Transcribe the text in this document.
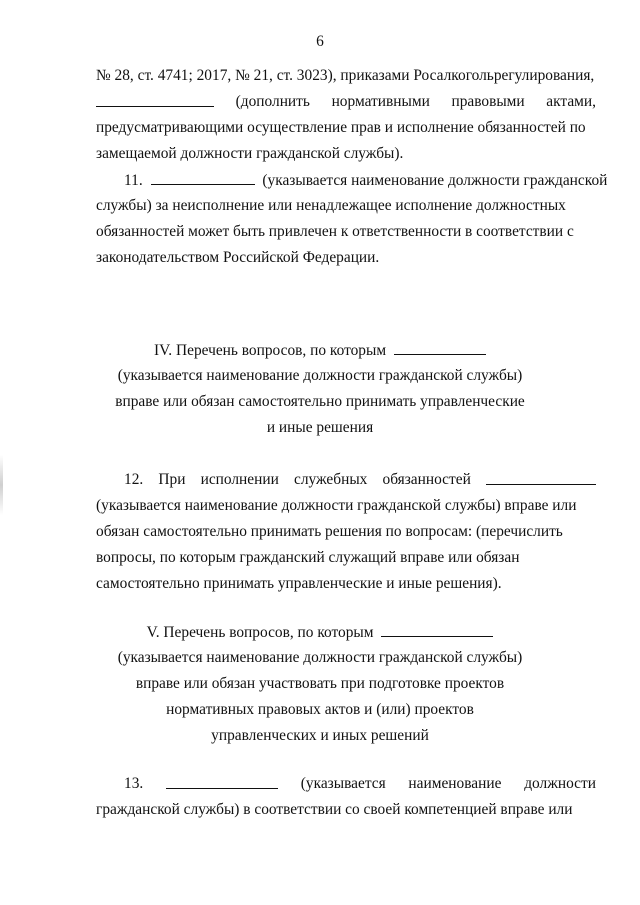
6
№ 28, ст. 4741; 2017, № 21, ст. 3023), приказами Росалкогольрегулирования,
(дополнить нормативными правовыми актами,
предусматривающими осуществление прав и исполнение обязанностей по
замещаемой должности гражданской службы).
11.	(указывается наименование должности гражданской
службы) за неисполнение или ненадлежащее исполнение должностных
обязанностей может быть привлечен к ответственности в соответствии с
законодательством Российской Федерации.
IV. Перечень вопросов, по которым
(указывается наименование должности гражданской службы)
вправе или обязан самостоятельно принимать управленческие
и иные решения
12. При исполнении служебных обязанностей
(указывается наименование должности гражданской службы) вправе или
обязан самостоятельно принимать решения по вопросам: (перечислить
вопросы, по которым гражданский служащий вправе или обязан
самостоятельно принимать управленческие и иные решения).
V. Перечень вопросов, по которым
(указывается наименование должности гражданской службы)
вправе или обязан участвовать при подготовке проектов
нормативных правовых актов и (или) проектов
управленческих и иных решений
13.	(указывается наименование должности
гражданской службы) в соответствии со своей компетенцией вправе или
